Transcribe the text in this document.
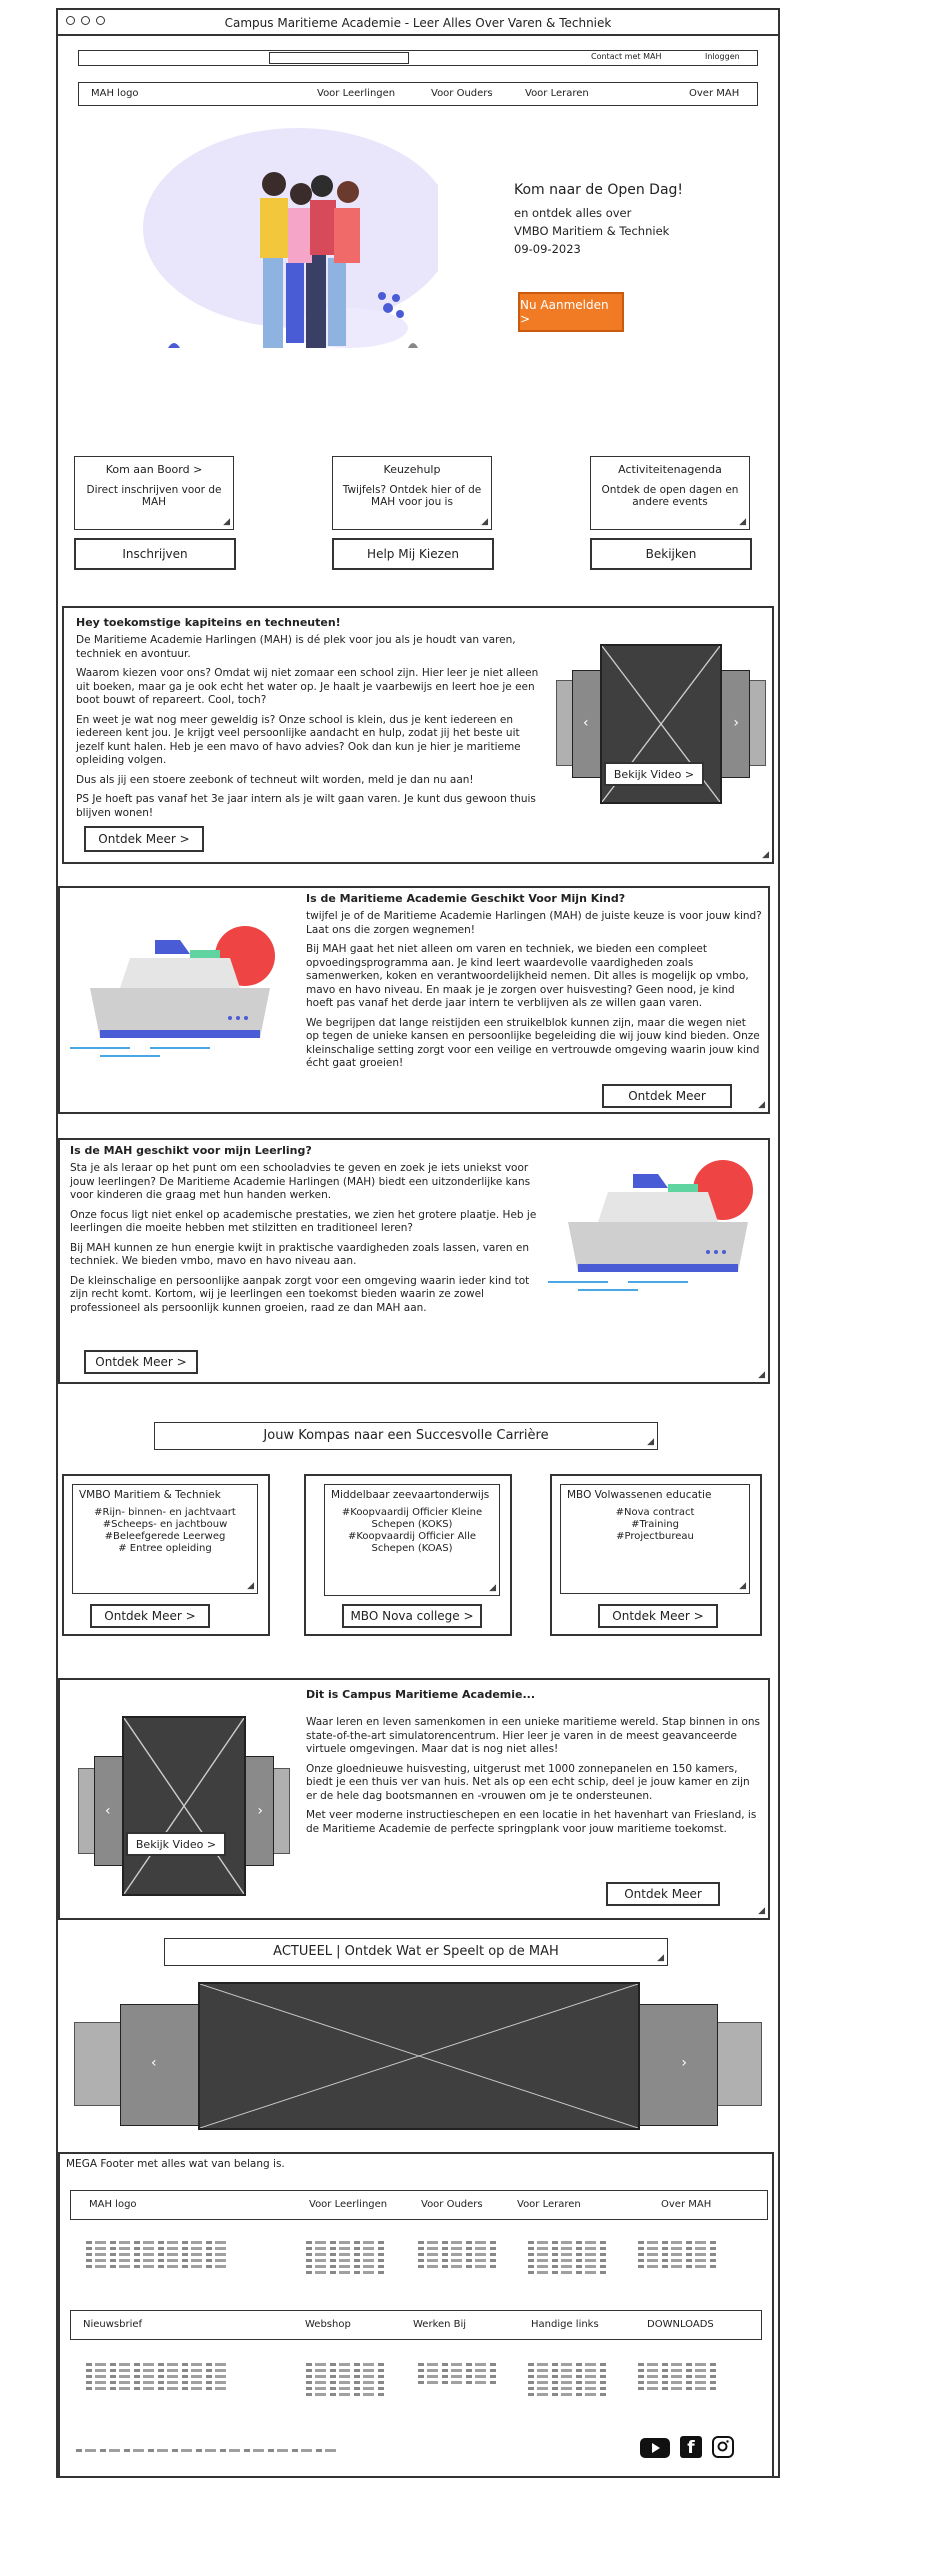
Campus Maritieme Academie - Leer Alles Over Varen & Techniek
Contact met MAH	Inloggen
MAH logo	Voor Leerlingen	Voor Ouders	Voor Leraren	Over MAH
Kom naar de Open Dag!
en ontdek alles over
VMBO Maritiem & Techniek
09-09-2023
Nu Aanmelden >
Kom aan Boord >
Direct inschrijven voor de MAH
◢
Inschrijven
Keuzehulp
Twijfels? Ontdek hier of de MAH voor jou is
◢
Help Mij Kiezen
Activiteitenagenda
Ontdek de open dagen en andere events
◢
Bekijken
Hey toekomstige kapiteins en techneuten!

De Maritieme Academie Harlingen (MAH) is dé plek voor jou als je houdt van varen, techniek en avontuur.

Waarom kiezen voor ons? Omdat wij niet zomaar een school zijn. Hier leer je niet alleen uit boeken, maar ga je ook echt het water op. Je haalt je vaarbewijs en leert hoe je een boot bouwt of repareert. Cool, toch?

En weet je wat nog meer geweldig is? Onze school is klein, dus je kent iedereen en iedereen kent jou. Je krijgt veel persoonlijke aandacht en hulp, zodat jij het beste uit jezelf kunt halen. Heb je een mavo of havo advies? Ook dan kun je hier je maritieme opleiding volgen.

Dus als jij een stoere zeebonk of techneut wilt worden, meld je dan nu aan!

PS Je hoeft pas vanaf het 3e jaar intern als je wilt gaan varen. Je kunt dus gewoon thuis blijven wonen!

Ontdek Meer >
‹	›
Bekijk Video >
◢
Is de Maritieme Academie Geschikt Voor Mijn Kind?

twijfel je of de Maritieme Academie Harlingen (MAH) de juiste keuze is voor jouw kind? Laat ons die zorgen wegnemen!

Bij MAH gaat het niet alleen om varen en techniek, we bieden een compleet opvoedingsprogramma aan. Je kind leert waardevolle vaardigheden zoals samenwerken, koken en verantwoordelijkheid nemen. Dit alles is mogelijk op vmbo, mavo en havo niveau. En maak je je zorgen over huisvesting? Geen nood, je kind hoeft pas vanaf het derde jaar intern te verblijven als ze willen gaan varen.

We begrijpen dat lange reistijden een struikelblok kunnen zijn, maar die wegen niet op tegen de unieke kansen en persoonlijke begeleiding die wij jouw kind bieden. Onze kleinschalige setting zorgt voor een veilige en vertrouwde omgeving waarin jouw kind écht gaat groeien!

Ontdek Meer
◢
Is de MAH geschikt voor mijn Leerling?

Sta je als leraar op het punt om een schooladvies te geven en zoek je iets uniekst voor jouw leerlingen? De Maritieme Academie Harlingen (MAH) biedt een uitzonderlijke kans voor kinderen die graag met hun handen werken.

Onze focus ligt niet enkel op academische prestaties, we zien het grotere plaatje. Heb je leerlingen die moeite hebben met stilzitten en traditioneel leren?

Bij MAH kunnen ze hun energie kwijt in praktische vaardigheden zoals lassen, varen en techniek. We bieden vmbo, mavo en havo niveau aan.

De kleinschalige en persoonlijke aanpak zorgt voor een omgeving waarin ieder kind tot zijn recht komt. Kortom, wij je leerlingen een toekomst bieden waarin ze zowel professioneel als persoonlijk kunnen groeien, raad ze dan MAH aan.

Ontdek Meer >
◢
Jouw Kompas naar een Succesvolle Carrière	◢
VMBO Maritiem & Techniek
#Rijn- binnen- en jachtvaart
#Scheeps- en jachtbouw
#Beleefgerede Leerweg
# Entree opleiding
◢
Ontdek Meer >
Middelbaar zeevaartonderwijs
#Koopvaardij Officier Kleine Schepen (KOKS)
#Koopvaardij Officier Alle Schepen (KOAS)
◢
MBO Nova college >
MBO Volwassenen educatie
#Nova contract
#Training
#Projectbureau
◢
Ontdek Meer >
‹	›
Bekijk Video >
Dit is Campus Maritieme Academie...

Waar leren en leven samenkomen in een unieke maritieme wereld. Stap binnen in ons state-of-the-art simulatorencentrum. Hier leer je varen in de meest geavanceerde virtuele omgevingen. Maar dat is nog niet alles!

Onze gloednieuwe huisvesting, uitgerust met 1000 zonnepanelen en 150 kamers, biedt je een thuis ver van huis. Net als op een echt schip, deel je jouw kamer en zijn er de hele dag bootsmannen en -vrouwen om je te ondersteunen.

Met veer moderne instructieschepen en een locatie in het havenhart van Friesland, is de Maritieme Academie de perfecte springplank voor jouw maritieme toekomst.

Ontdek Meer
◢
ACTUEEL | Ontdek Wat er Speelt op de MAH	◢
‹	›
MEGA Footer met alles wat van belang is.
MAH logo	Voor Leerlingen	Voor Ouders	Voor Leraren	Over MAH
Nieuwsbrief	Webshop	Werken Bij	Handige links	DOWNLOADS
f
